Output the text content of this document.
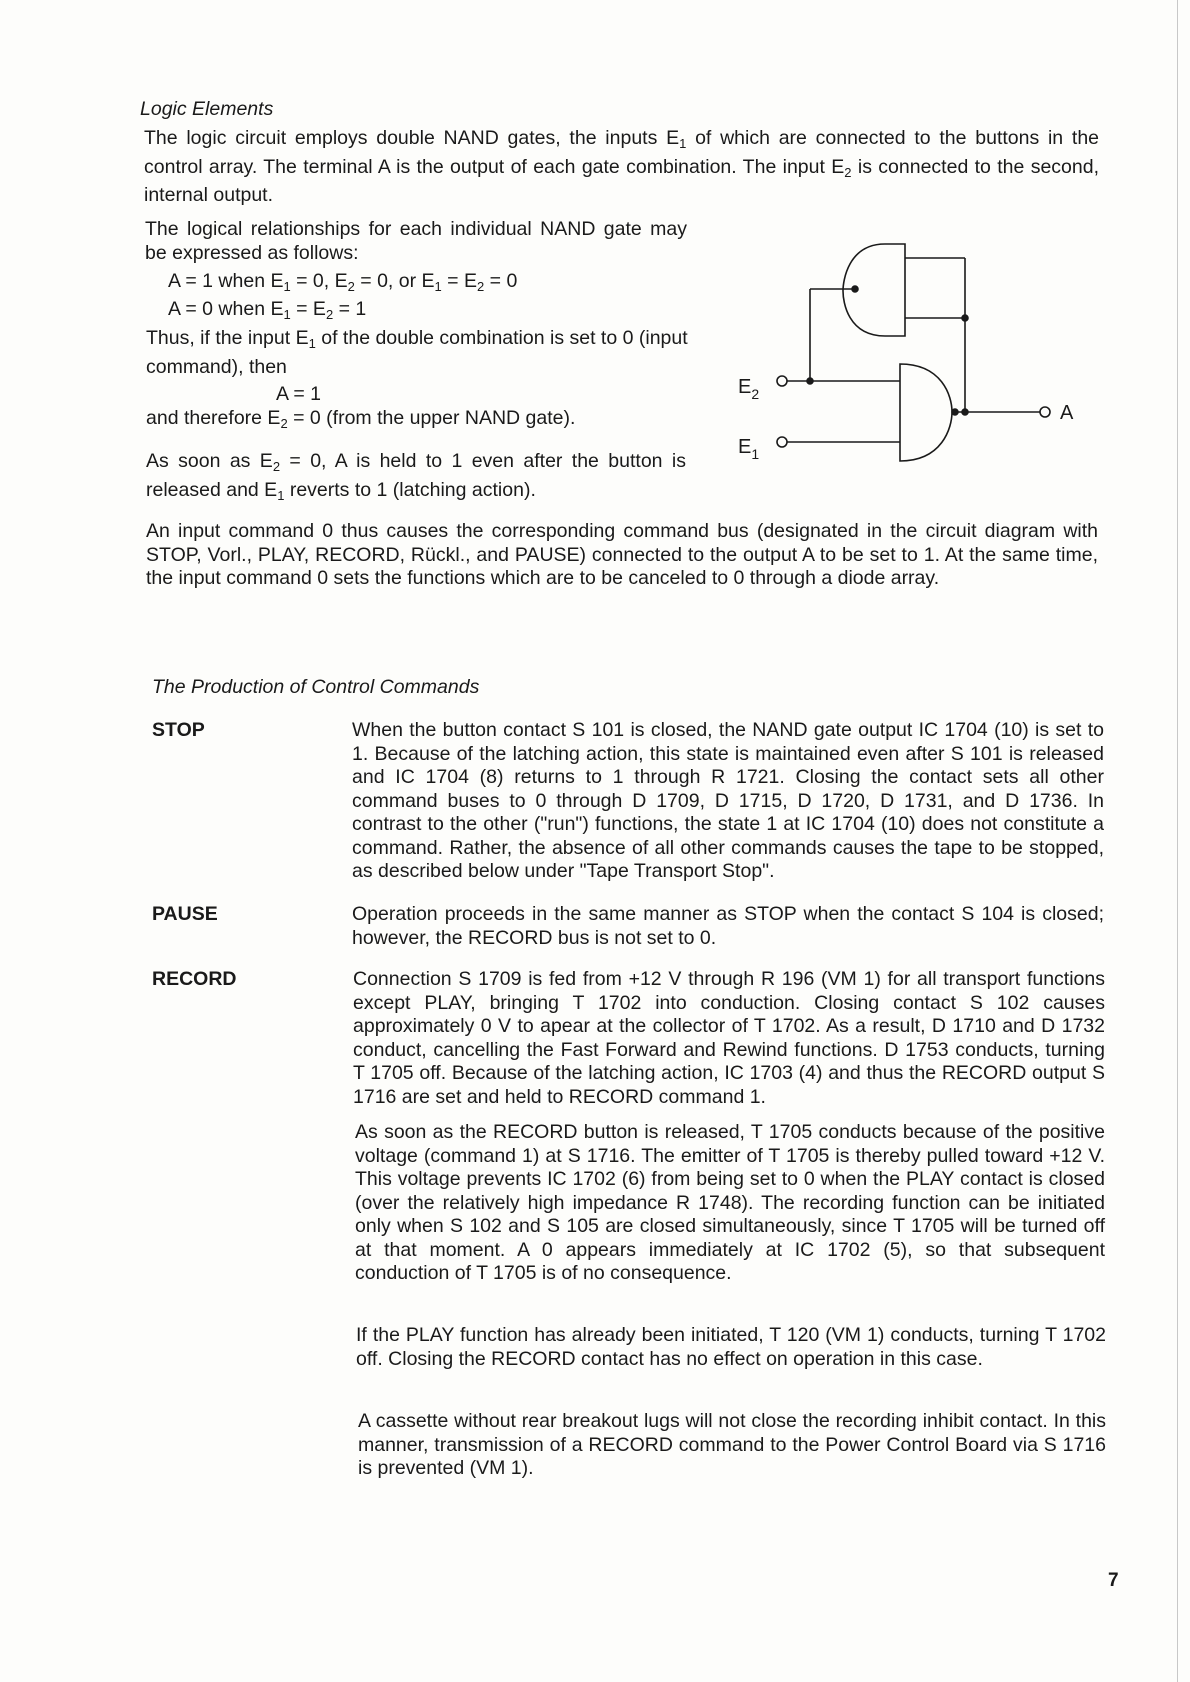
Logic Elements

The logic circuit employs double NAND gates, the inputs $E_1$ of which are connected to the buttons in the control array. The terminal A is the output of each gate combination. The input $E_2$ is connected to the second, internal output.

The logical relationships for each individual NAND gate may be expressed as follows:

A = 1 when $E_1 = 0$, $E_2 = 0$, or $E_1 = E_2 = 0$

A = 0 when $E_1 = E_2 = 1$

Thus, if the input $E_1$ of the double combination is set to 0 (input command), then

A = 1

and therefore $E_2 = 0$ (from the upper NAND gate).

As soon as $E_2 = 0$, A is held to 1 even after the button is released and $E_1$ reverts to 1 (latching action).

$E_2$
$E_1$
A

An input command 0 thus causes the corresponding command bus (designated in the circuit diagram with STOP, Vorl., PLAY, RECORD, Rückl., and PAUSE) connected to the output A to be set to 1. At the same time, the input command 0 sets the functions which are to be canceled to 0 through a diode array.

The Production of Control Commands

STOP	When the button contact S 101 is closed, the NAND gate output IC 1704 (10) is set to 1. Because of the latching action, this state is maintained even after S 101 is released and IC 1704 (8) returns to 1 through R 1721. Closing the contact sets all other command buses to 0 through D 1709, D 1715, D 1720, D 1731, and D 1736. In contrast to the other ("run") functions, the state 1 at IC 1704 (10) does not constitute a command. Rather, the absence of all other commands causes the tape to be stopped, as described below under "Tape Transport Stop".

PAUSE	Operation proceeds in the same manner as STOP when the contact S 104 is closed; however, the RECORD bus is not set to 0.

RECORD	Connection S 1709 is fed from +12 V through R 196 (VM 1) for all transport functions except PLAY, bringing T 1702 into conduction. Closing contact S 102 causes approximately 0 V to apear at the collector of T 1702. As a result, D 1710 and D 1732 conduct, cancelling the Fast Forward and Rewind functions. D 1753 conducts, turning T 1705 off. Because of the latching action, IC 1703 (4) and thus the RECORD output S 1716 are set and held to RECORD command 1.

As soon as the RECORD button is released, T 1705 conducts because of the positive voltage (command 1) at S 1716. The emitter of T 1705 is thereby pulled toward +12 V. This voltage prevents IC 1702 (6) from being set to 0 when the PLAY contact is closed (over the relatively high impedance R 1748). The recording function can be initiated only when S 102 and S 105 are closed simultaneously, since T 1705 will be turned off at that moment. A 0 appears immediately at IC 1702 (5), so that subsequent conduction of T 1705 is of no consequence.

If the PLAY function has already been initiated, T 120 (VM 1) conducts, turning T 1702 off. Closing the RECORD contact has no effect on operation in this case.

A cassette without rear breakout lugs will not close the recording inhibit contact. In this manner, transmission of a RECORD command to the Power Control Board via S 1716 is prevented (VM 1).

7
